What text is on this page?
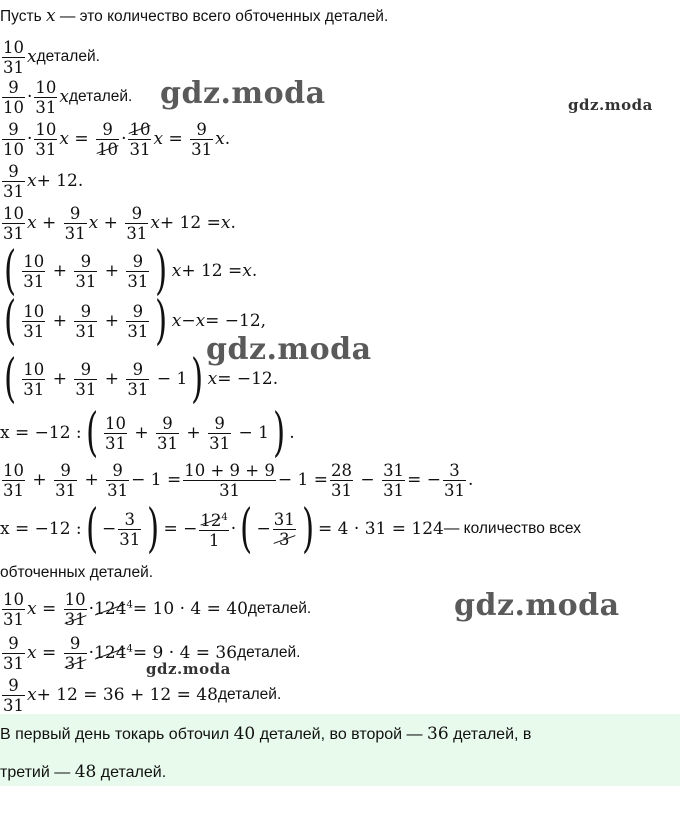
Пусть x — это количество всего обточенных деталей.
$\frac{10}{31}$ x деталей.
$\frac{9}{10} \cdot \frac{10}{31}$ x деталей.
$\frac{9}{10} \cdot \frac{10}{31}$ x
=
$\frac{9}{10} \cdot \frac{10}{31}$ x
=
$\frac{9}{31}$ x .
$\frac{9}{31}$ x + 12.
$\frac{10}{31}$ $x + \frac{9}{31}$ $x + \frac{9}{31}$ x + 12 = x .
( $\frac{10}{31} + \frac{9}{31} + \frac{9}{31}$ ) x + 12 = x .
( $\frac{10}{31} + \frac{9}{31} + \frac{9}{31}$ ) x − x = −12,
( $\frac{10}{31} + \frac{9}{31} + \frac{9}{31} - 1$ ) x = −12.
x = −12 : ( $\frac{10}{31} + \frac{9}{31} + \frac{9}{31} - 1$ ) .
$\frac{10}{31} + \frac{9}{31} + \frac{9}{31} - 1 = \frac{10 + 9 + 9}{31} - 1 = \frac{28}{31} - \frac{31}{31}$ = − $\frac{3}{31}$ .
x = −12 : ( − $\frac{3}{31}$ ) = − $\frac{12^4}{1}$ · ( − $\frac{31}{3}$ ) = 4 · 31 = 124 — количество всех
обточенных деталей.
$\frac{10}{31}$ $x = \frac{10}{31} \cdot 124^4 = 10 \cdot 4 = 40$ деталей.
$\frac{9}{31}$ $x = \frac{9}{31} \cdot 124^4 = 9 \cdot 4 = 36$ деталей.
$\frac{9}{31}$ x + 12 = 36 + 12 = 48 деталей.

В первый день токарь обточил 40 деталей, во второй — 36 деталей, в

третий — 48 деталей.

gdz.moda	gdz.moda
gdz.moda
gdz.moda
gdz.moda
